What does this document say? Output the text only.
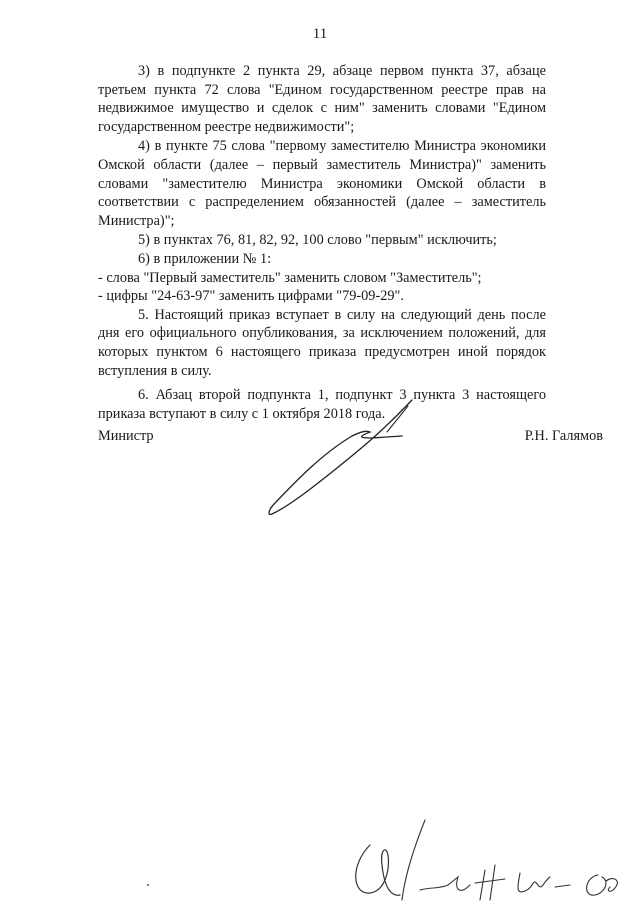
11

3) в подпункте 2 пункта 29, абзаце первом пункта 37, абзаце третьем пункта 72 слова "Едином государственном реестре прав на недвижимое имущество и сделок с ним" заменить словами "Едином государственном реестре недвижимости";

4) в пункте 75 слова "первому заместителю Министра экономики Омской области (далее – первый заместитель Министра)" заменить словами "заместителю Министра экономики Омской области в соответствии с распределением обязанностей (далее – заместитель Министра)";

5) в пунктах 76, 81, 82, 92, 100 слово "первым" исключить;

6) в приложении № 1:

- слова "Первый заместитель" заменить словом "Заместитель";

- цифры "24-63-97" заменить цифрами "79-09-29".

5. Настоящий приказ вступает в силу на следующий день после дня его официального опубликования, за исключением положений, для которых пунктом 6 настоящего приказа предусмотрен иной порядок вступления в силу.

6. Абзац второй подпункта 1, подпункт 3 пункта 3 настоящего приказа вступают в силу с 1 октября 2018 года.

Министр	Р.Н. Галямов
